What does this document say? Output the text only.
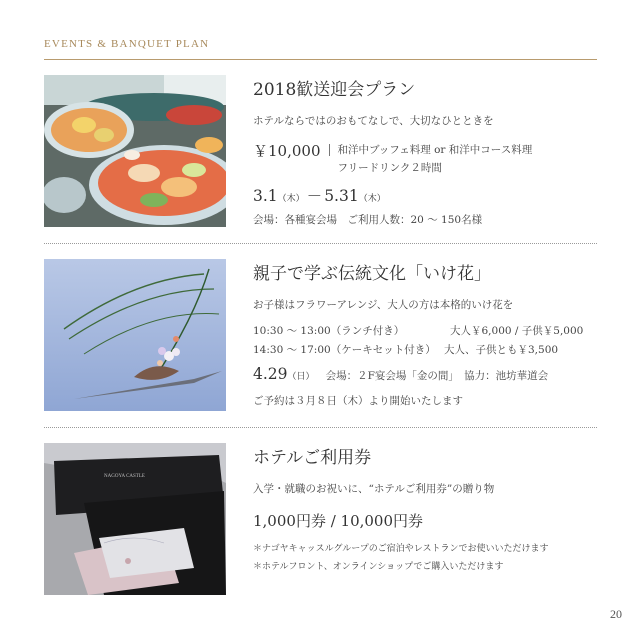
EVENTS & BANQUET PLAN
2018歓送迎会プラン
ホテルならではのおもてなしで、大切なひとときを
￥10,000 和洋中ブッフェ料理 or 和洋中コース料理
フリードリンク２時間
3.1（木） － 5.31（木）
会場：各種宴会場　ご利用人数：20 ～ 150名様
親子で学ぶ伝統文化「いけ花」
お子様はフラワーアレンジ、大人の方は本格的いけ花を
10:30 ～ 13:00（ランチ付き）	大人￥6,000 / 子供￥5,000
14:30 ～ 17:00（ケーキセット付き） 大人、子供とも￥3,500
4.29（日） 会場：２F宴会場「金の間」　協力：池坊華道会
ご予約は３月８日（木）より開始いたします
NAGOYA CASTLE
ホテルご利用券
入学・就職のお祝いに、“ホテルご利用券”の贈り物
1,000円券 / 10,000円券
＊ナゴヤキャッスルグループのご宿泊やレストランでお使いいただけます
＊ホテルフロント、オンラインショップでご購入いただけます
20
